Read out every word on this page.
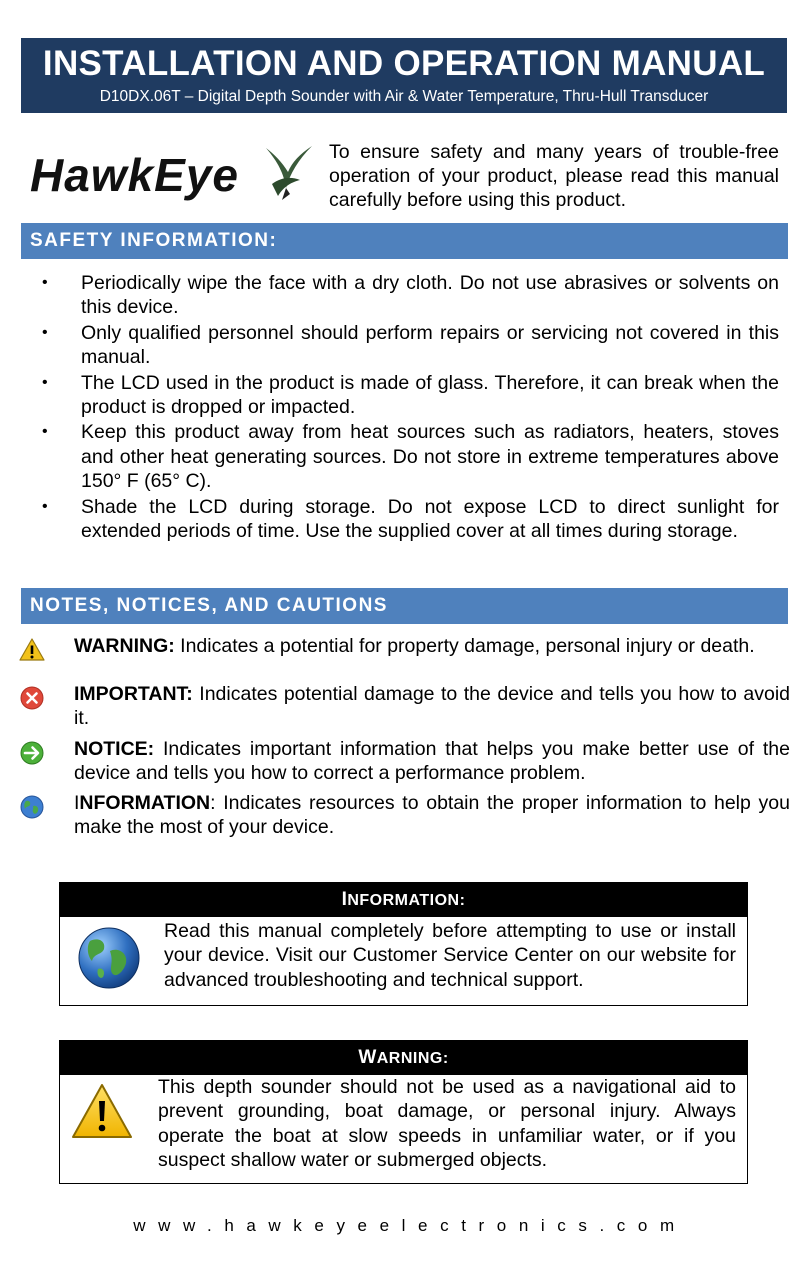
INSTALLATION AND OPERATION MANUAL
D10DX.06T – Digital Depth Sounder with Air & Water Temperature, Thru-Hull Transducer
HawkEye	To ensure safety and many years of trouble-free operation of your product, please read this manual carefully before using this product.
SAFETY INFORMATION:
• Periodically wipe the face with a dry cloth. Do not use abrasives or solvents on this device.
• Only qualified personnel should perform repairs or servicing not covered in this manual.
• The LCD used in the product is made of glass. Therefore, it can break when the product is dropped or impacted.
• Keep this product away from heat sources such as radiators, heaters, stoves and other heat generating sources. Do not store in extreme temperatures above 150° F (65° C).
• Shade the LCD during storage. Do not expose LCD to direct sunlight for extended periods of time. Use the supplied cover at all times during storage.
NOTES, NOTICES, AND CAUTIONS
WARNING: Indicates a potential for property damage, personal injury or death.
IMPORTANT: Indicates potential damage to the device and tells you how to avoid it.
NOTICE: Indicates important information that helps you make better use of the device and tells you how to correct a performance problem.
INFORMATION: Indicates resources to obtain the proper information to help you make the most of your device.
INFORMATION:
Read this manual completely before attempting to use or install your device. Visit our Customer Service Center on our website for advanced troubleshooting and technical support.
WARNING:
This depth sounder should not be used as a navigational aid to prevent grounding, boat damage, or personal injury. Always operate the boat at slow speeds in unfamiliar water, or if you suspect shallow water or submerged objects.
www.hawkeyeelectronics.com
